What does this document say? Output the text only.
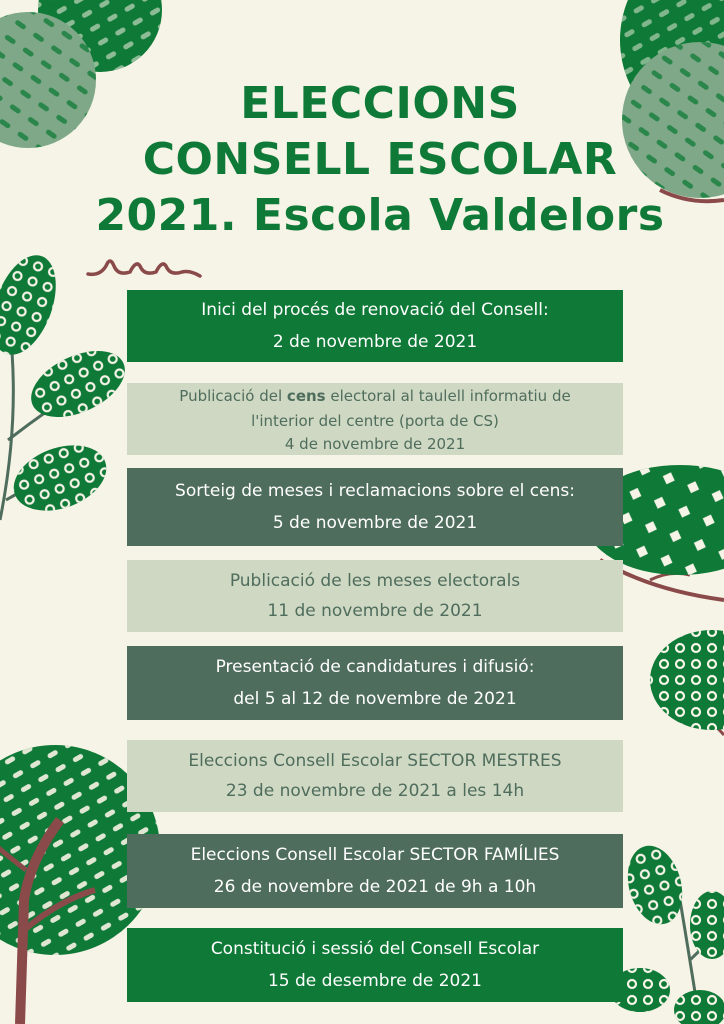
ELECCIONS
CONSELL ESCOLAR
2021. Escola Valdelors
Inici del procés de renovació del Consell:
2 de novembre de 2021
Publicació del cens electoral al taulell informatiu de
l'interior del centre (porta de CS)
4 de novembre de 2021
Sorteig de meses i reclamacions sobre el cens:
5 de novembre de 2021
Publicació de les meses electorals
11 de novembre de 2021
Presentació de candidatures i difusió:
del 5 al 12 de novembre de 2021
Eleccions Consell Escolar SECTOR MESTRES
23 de novembre de 2021 a les 14h
Eleccions Consell Escolar SECTOR FAMÍLIES
26 de novembre de 2021 de 9h a 10h
Constitució i sessió del Consell Escolar
15 de desembre de 2021
